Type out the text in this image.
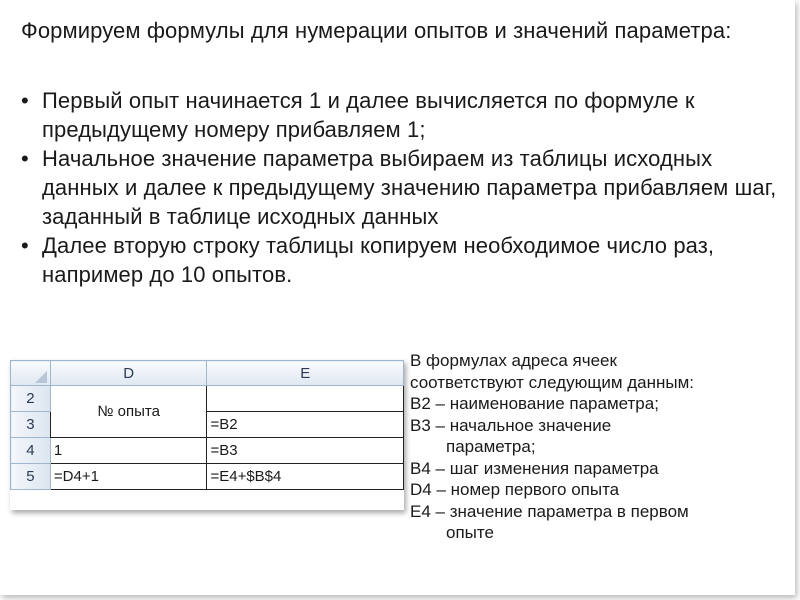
Формируем формулы для нумерации опытов и значений параметра:
• Первый опыт начинается 1 и далее вычисляется по формуле к предыдущему номеру прибавляем 1;
• Начальное значение параметра выбираем из таблицы исходных данных и далее к предыдущему значению параметра прибавляем шаг, заданный в таблице исходных данных
• Далее вторую строку таблицы копируем необходимое число раз, например до 10 опытов.
	D	E
2	№ опыта	
3		=B2
4	1	=B3
5	=D4+1	=E4+$B$4
В формулах адреса ячеек
соответствуют следующим данным:
B2 – наименование параметра;
B3 – начальное значение
параметра;
B4 – шаг изменения параметра
D4 – номер первого опыта
E4 – значение параметра в первом
опыте
